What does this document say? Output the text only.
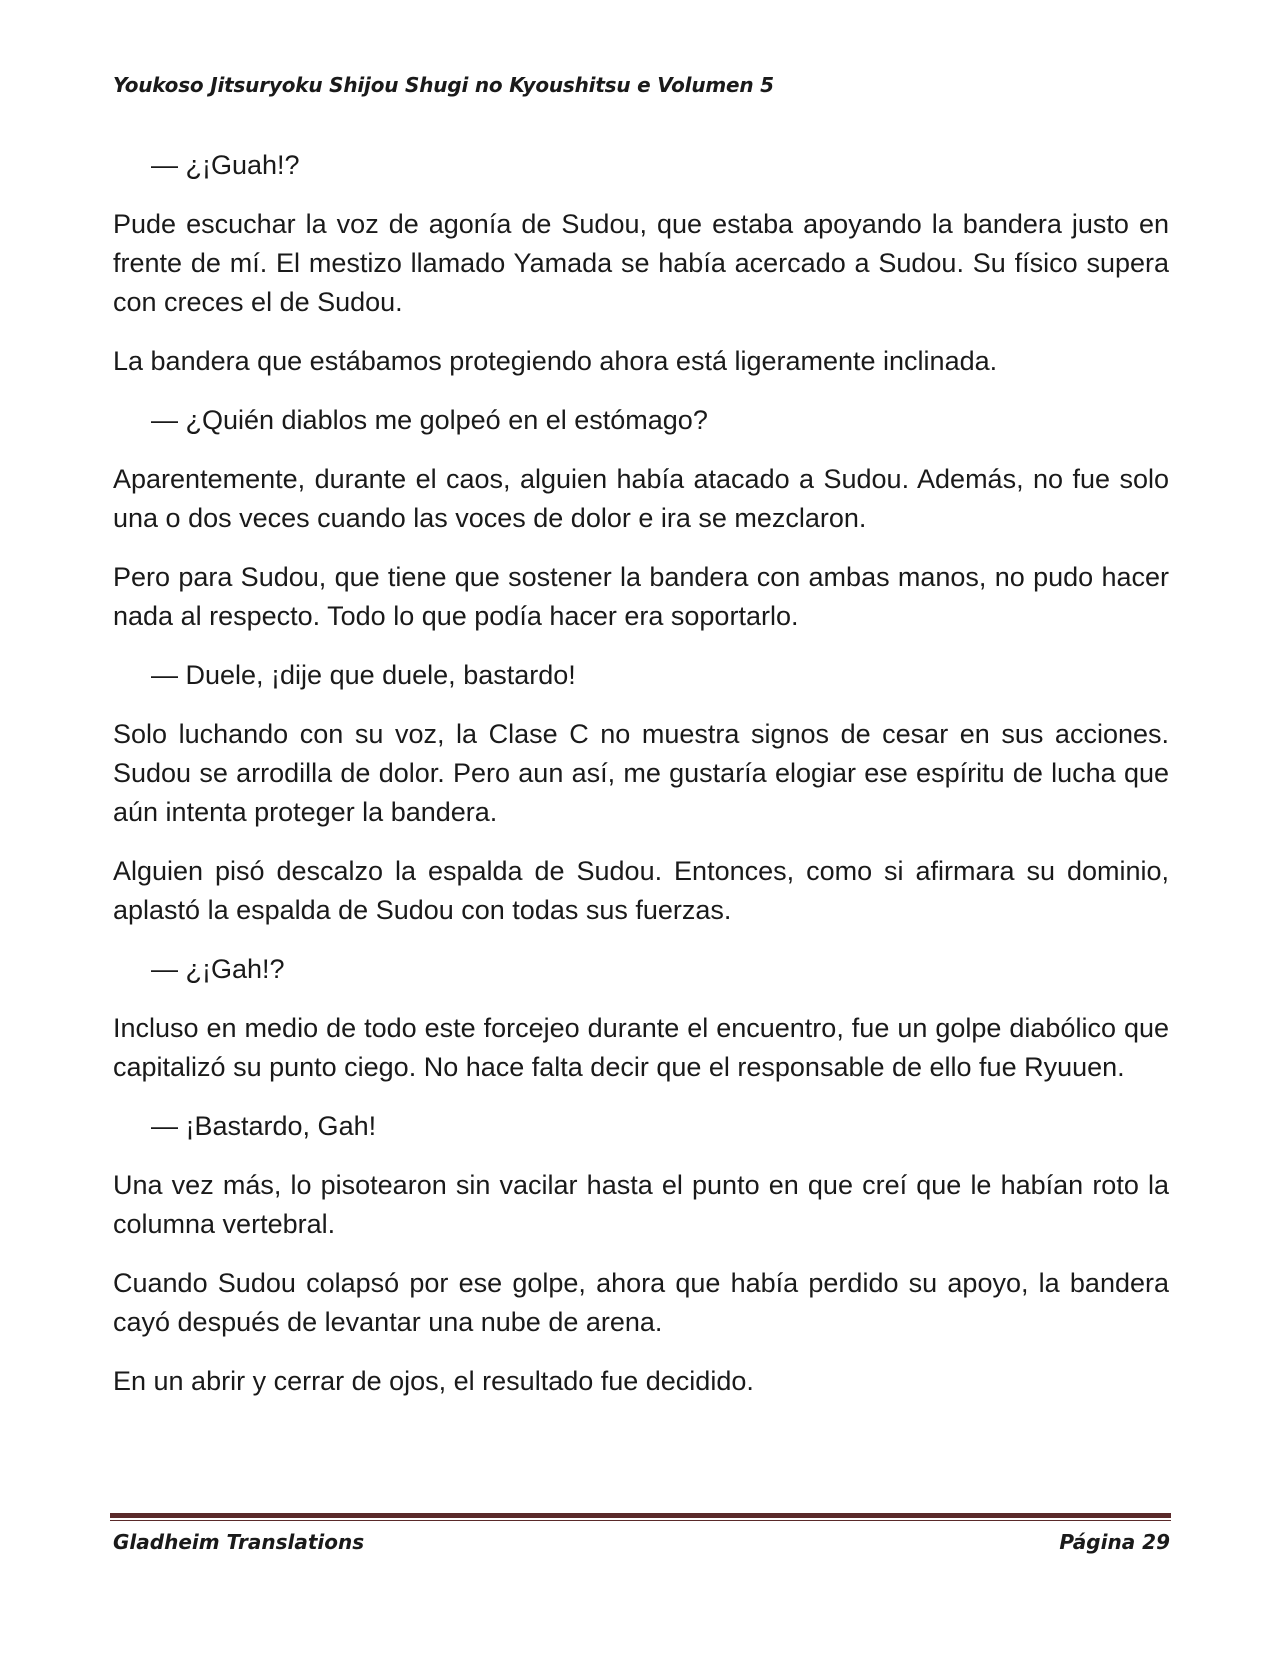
Youkoso Jitsuryoku Shijou Shugi no Kyoushitsu e Volumen 5

— ¿¡Guah!?

Pude escuchar la voz de agonía de Sudou, que estaba apoyando la bandera justo en frente de mí. El mestizo llamado Yamada se había acercado a Sudou. Su físico supera con creces el de Sudou.

La bandera que estábamos protegiendo ahora está ligeramente inclinada.

— ¿Quién diablos me golpeó en el estómago?

Aparentemente, durante el caos, alguien había atacado a Sudou. Además, no fue solo una o dos veces cuando las voces de dolor e ira se mezclaron.

Pero para Sudou, que tiene que sostener la bandera con ambas manos, no pudo hacer nada al respecto. Todo lo que podía hacer era soportarlo.

— Duele, ¡dije que duele, bastardo!

Solo luchando con su voz, la Clase C no muestra signos de cesar en sus acciones. Sudou se arrodilla de dolor. Pero aun así, me gustaría elogiar ese espíritu de lucha que aún intenta proteger la bandera.

Alguien pisó descalzo la espalda de Sudou. Entonces, como si afirmara su dominio, aplastó la espalda de Sudou con todas sus fuerzas.

— ¿¡Gah!?

Incluso en medio de todo este forcejeo durante el encuentro, fue un golpe diabólico que capitalizó su punto ciego. No hace falta decir que el responsable de ello fue Ryuuen.

— ¡Bastardo, Gah!

Una vez más, lo pisotearon sin vacilar hasta el punto en que creí que le habían roto la columna vertebral.

Cuando Sudou colapsó por ese golpe, ahora que había perdido su apoyo, la bandera cayó después de levantar una nube de arena.

En un abrir y cerrar de ojos, el resultado fue decidido.

Gladheim Translations	Página 29
